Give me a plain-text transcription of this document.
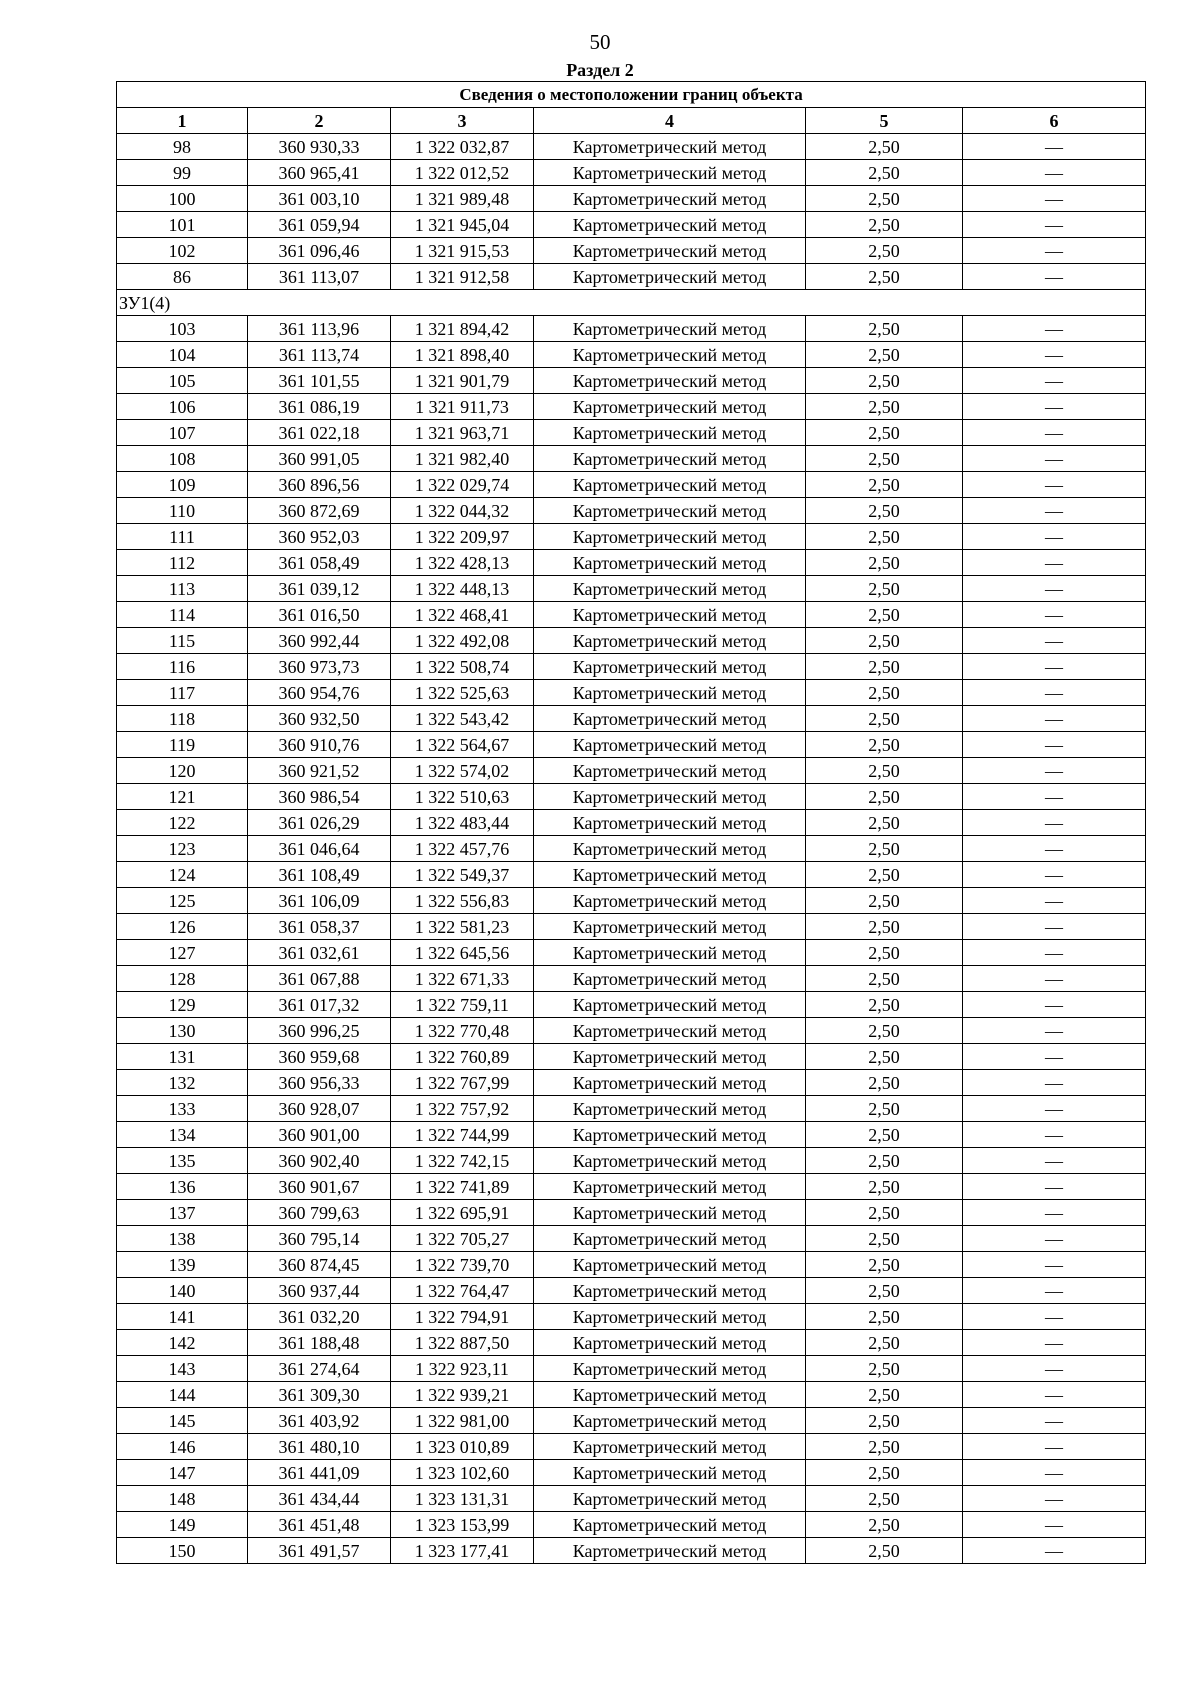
50
Раздел 2
Сведения о местоположении границ объекта					
1	2	3	4	5	6
98	360 930,33	1 322 032,87	Картометрический метод	2,50	—
99	360 965,41	1 322 012,52	Картометрический метод	2,50	—
100	361 003,10	1 321 989,48	Картометрический метод	2,50	—
101	361 059,94	1 321 945,04	Картометрический метод	2,50	—
102	361 096,46	1 321 915,53	Картометрический метод	2,50	—
86	361 113,07	1 321 912,58	Картометрический метод	2,50	—
ЗУ1(4)					
103	361 113,96	1 321 894,42	Картометрический метод	2,50	—
104	361 113,74	1 321 898,40	Картометрический метод	2,50	—
105	361 101,55	1 321 901,79	Картометрический метод	2,50	—
106	361 086,19	1 321 911,73	Картометрический метод	2,50	—
107	361 022,18	1 321 963,71	Картометрический метод	2,50	—
108	360 991,05	1 321 982,40	Картометрический метод	2,50	—
109	360 896,56	1 322 029,74	Картометрический метод	2,50	—
110	360 872,69	1 322 044,32	Картометрический метод	2,50	—
111	360 952,03	1 322 209,97	Картометрический метод	2,50	—
112	361 058,49	1 322 428,13	Картометрический метод	2,50	—
113	361 039,12	1 322 448,13	Картометрический метод	2,50	—
114	361 016,50	1 322 468,41	Картометрический метод	2,50	—
115	360 992,44	1 322 492,08	Картометрический метод	2,50	—
116	360 973,73	1 322 508,74	Картометрический метод	2,50	—
117	360 954,76	1 322 525,63	Картометрический метод	2,50	—
118	360 932,50	1 322 543,42	Картометрический метод	2,50	—
119	360 910,76	1 322 564,67	Картометрический метод	2,50	—
120	360 921,52	1 322 574,02	Картометрический метод	2,50	—
121	360 986,54	1 322 510,63	Картометрический метод	2,50	—
122	361 026,29	1 322 483,44	Картометрический метод	2,50	—
123	361 046,64	1 322 457,76	Картометрический метод	2,50	—
124	361 108,49	1 322 549,37	Картометрический метод	2,50	—
125	361 106,09	1 322 556,83	Картометрический метод	2,50	—
126	361 058,37	1 322 581,23	Картометрический метод	2,50	—
127	361 032,61	1 322 645,56	Картометрический метод	2,50	—
128	361 067,88	1 322 671,33	Картометрический метод	2,50	—
129	361 017,32	1 322 759,11	Картометрический метод	2,50	—
130	360 996,25	1 322 770,48	Картометрический метод	2,50	—
131	360 959,68	1 322 760,89	Картометрический метод	2,50	—
132	360 956,33	1 322 767,99	Картометрический метод	2,50	—
133	360 928,07	1 322 757,92	Картометрический метод	2,50	—
134	360 901,00	1 322 744,99	Картометрический метод	2,50	—
135	360 902,40	1 322 742,15	Картометрический метод	2,50	—
136	360 901,67	1 322 741,89	Картометрический метод	2,50	—
137	360 799,63	1 322 695,91	Картометрический метод	2,50	—
138	360 795,14	1 322 705,27	Картометрический метод	2,50	—
139	360 874,45	1 322 739,70	Картометрический метод	2,50	—
140	360 937,44	1 322 764,47	Картометрический метод	2,50	—
141	361 032,20	1 322 794,91	Картометрический метод	2,50	—
142	361 188,48	1 322 887,50	Картометрический метод	2,50	—
143	361 274,64	1 322 923,11	Картометрический метод	2,50	—
144	361 309,30	1 322 939,21	Картометрический метод	2,50	—
145	361 403,92	1 322 981,00	Картометрический метод	2,50	—
146	361 480,10	1 323 010,89	Картометрический метод	2,50	—
147	361 441,09	1 323 102,60	Картометрический метод	2,50	—
148	361 434,44	1 323 131,31	Картометрический метод	2,50	—
149	361 451,48	1 323 153,99	Картометрический метод	2,50	—
150	361 491,57	1 323 177,41	Картометрический метод	2,50	—
